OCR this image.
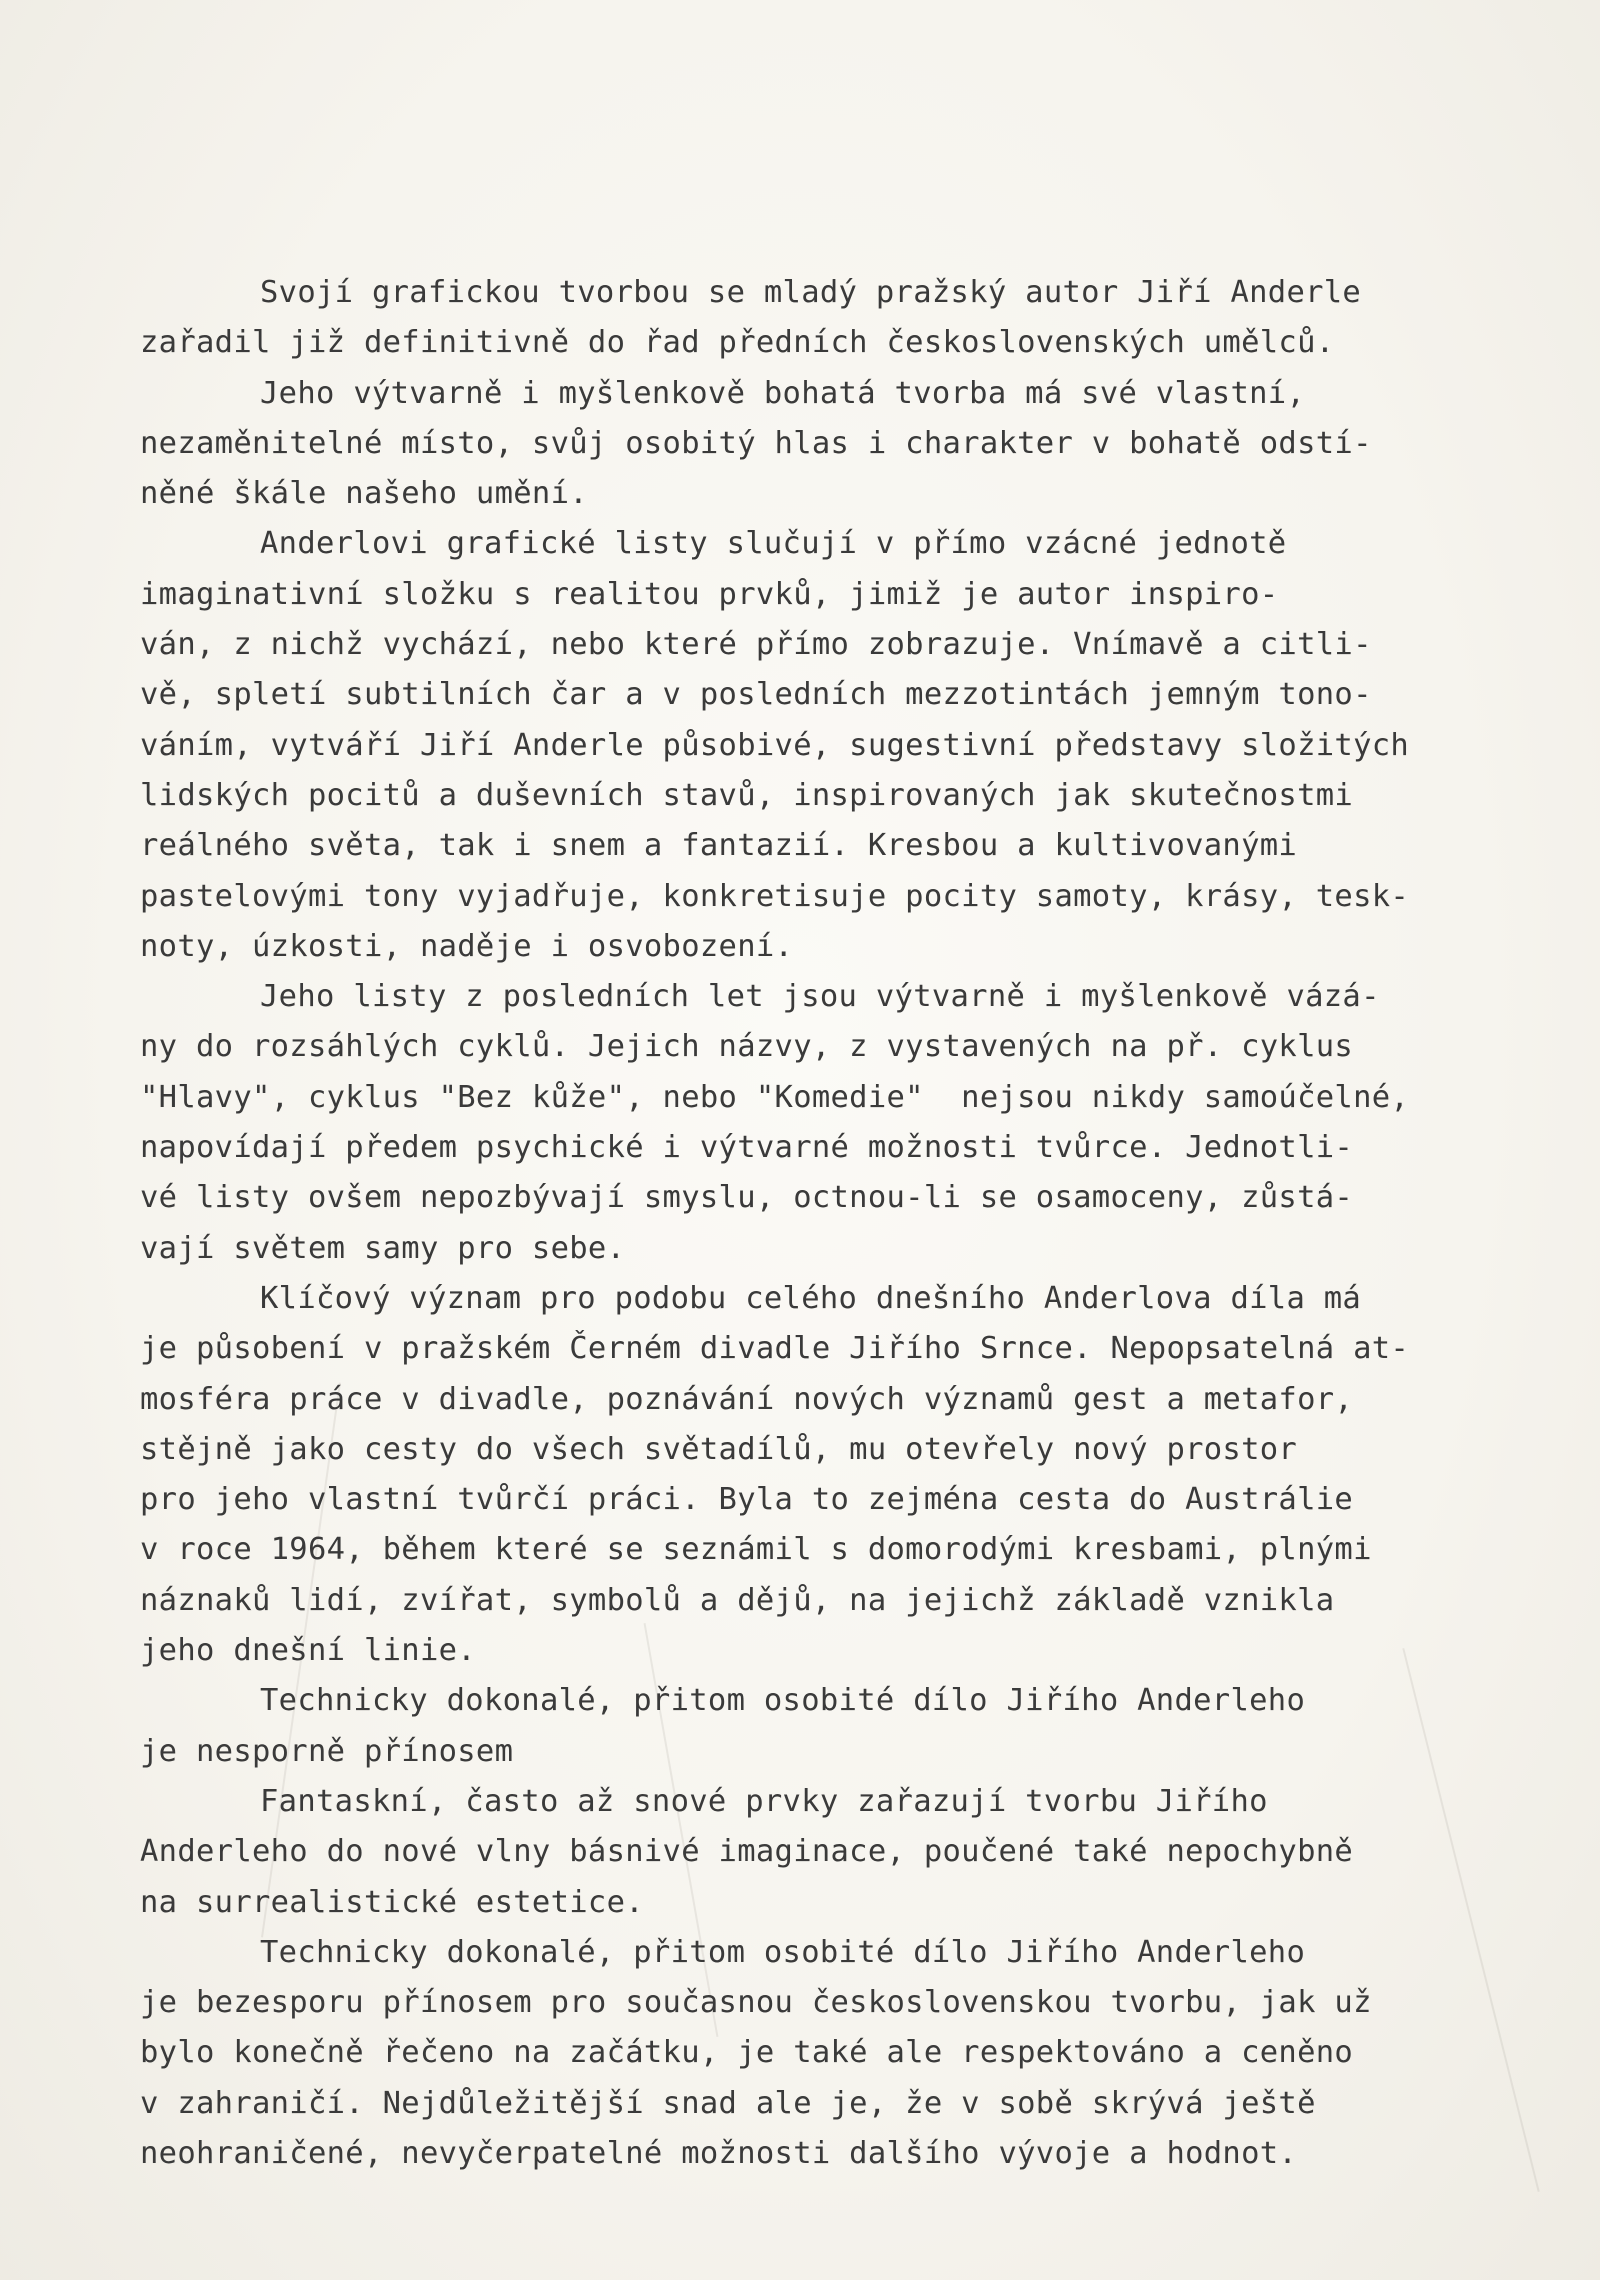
Svojí grafickou tvorbou se mladý pražský autor Jiří Anderle
zařadil již definitivně do řad předních československých umělců.
Jeho výtvarně i myšlenkově bohatá tvorba má své vlastní,
nezaměnitelné místo, svůj osobitý hlas i charakter v bohatě odstí-
něné škále našeho umění.
Anderlovi grafické listy slučují v přímo vzácné jednotě
imaginativní složku s realitou prvků, jimiž je autor inspiro-
ván, z nichž vychází, nebo které přímo zobrazuje. Vnímavě a citli-
vě, spletí subtilních čar a v posledních mezzotintách jemným tono-
váním, vytváří Jiří Anderle působivé, sugestivní představy složitých
lidských pocitů a duševních stavů, inspirovaných jak skutečnostmi
reálného světa, tak i snem a fantazií. Kresbou a kultivovanými
pastelovými tony vyjadřuje, konkretisuje pocity samoty, krásy, tesk-
noty, úzkosti, naděje i osvobození.
Jeho listy z posledních let jsou výtvarně i myšlenkově vázá-
ny do rozsáhlých cyklů. Jejich názvy, z vystavených na př. cyklus
"Hlavy", cyklus "Bez kůže", nebo "Komedie"  nejsou nikdy samoúčelné,
napovídají předem psychické i výtvarné možnosti tvůrce. Jednotli-
vé listy ovšem nepozbývají smyslu, octnou-li se osamoceny, zůstá-
vají světem samy pro sebe.
Klíčový význam pro podobu celého dnešního Anderlova díla má
je působení v pražském Černém divadle Jiřího Srnce. Nepopsatelná at-
mosféra práce v divadle, poznávání nových významů gest a metafor,
stějně jako cesty do všech světadílů, mu otevřely nový prostor
pro jeho vlastní tvůrčí práci. Byla to zejména cesta do Austrálie
v roce 1964, během které se seznámil s domorodými kresbami, plnými
náznaků lidí, zvířat, symbolů a dějů, na jejichž základě vznikla
jeho dnešní linie.
Technicky dokonalé, přitom osobité dílo Jiřího Anderleho
je nesporně přínosem
Fantaskní, často až snové prvky zařazují tvorbu Jiřího
Anderleho do nové vlny básnivé imaginace, poučené také nepochybně
na surrealistické estetice.
Technicky dokonalé, přitom osobité dílo Jiřího Anderleho
je bezesporu přínosem pro současnou československou tvorbu, jak už
bylo konečně řečeno na začátku, je také ale respektováno a ceněno
v zahraničí. Nejdůležitější snad ale je, že v sobě skrývá ještě
neohraničené, nevyčerpatelné možnosti dalšího vývoje a hodnot.
